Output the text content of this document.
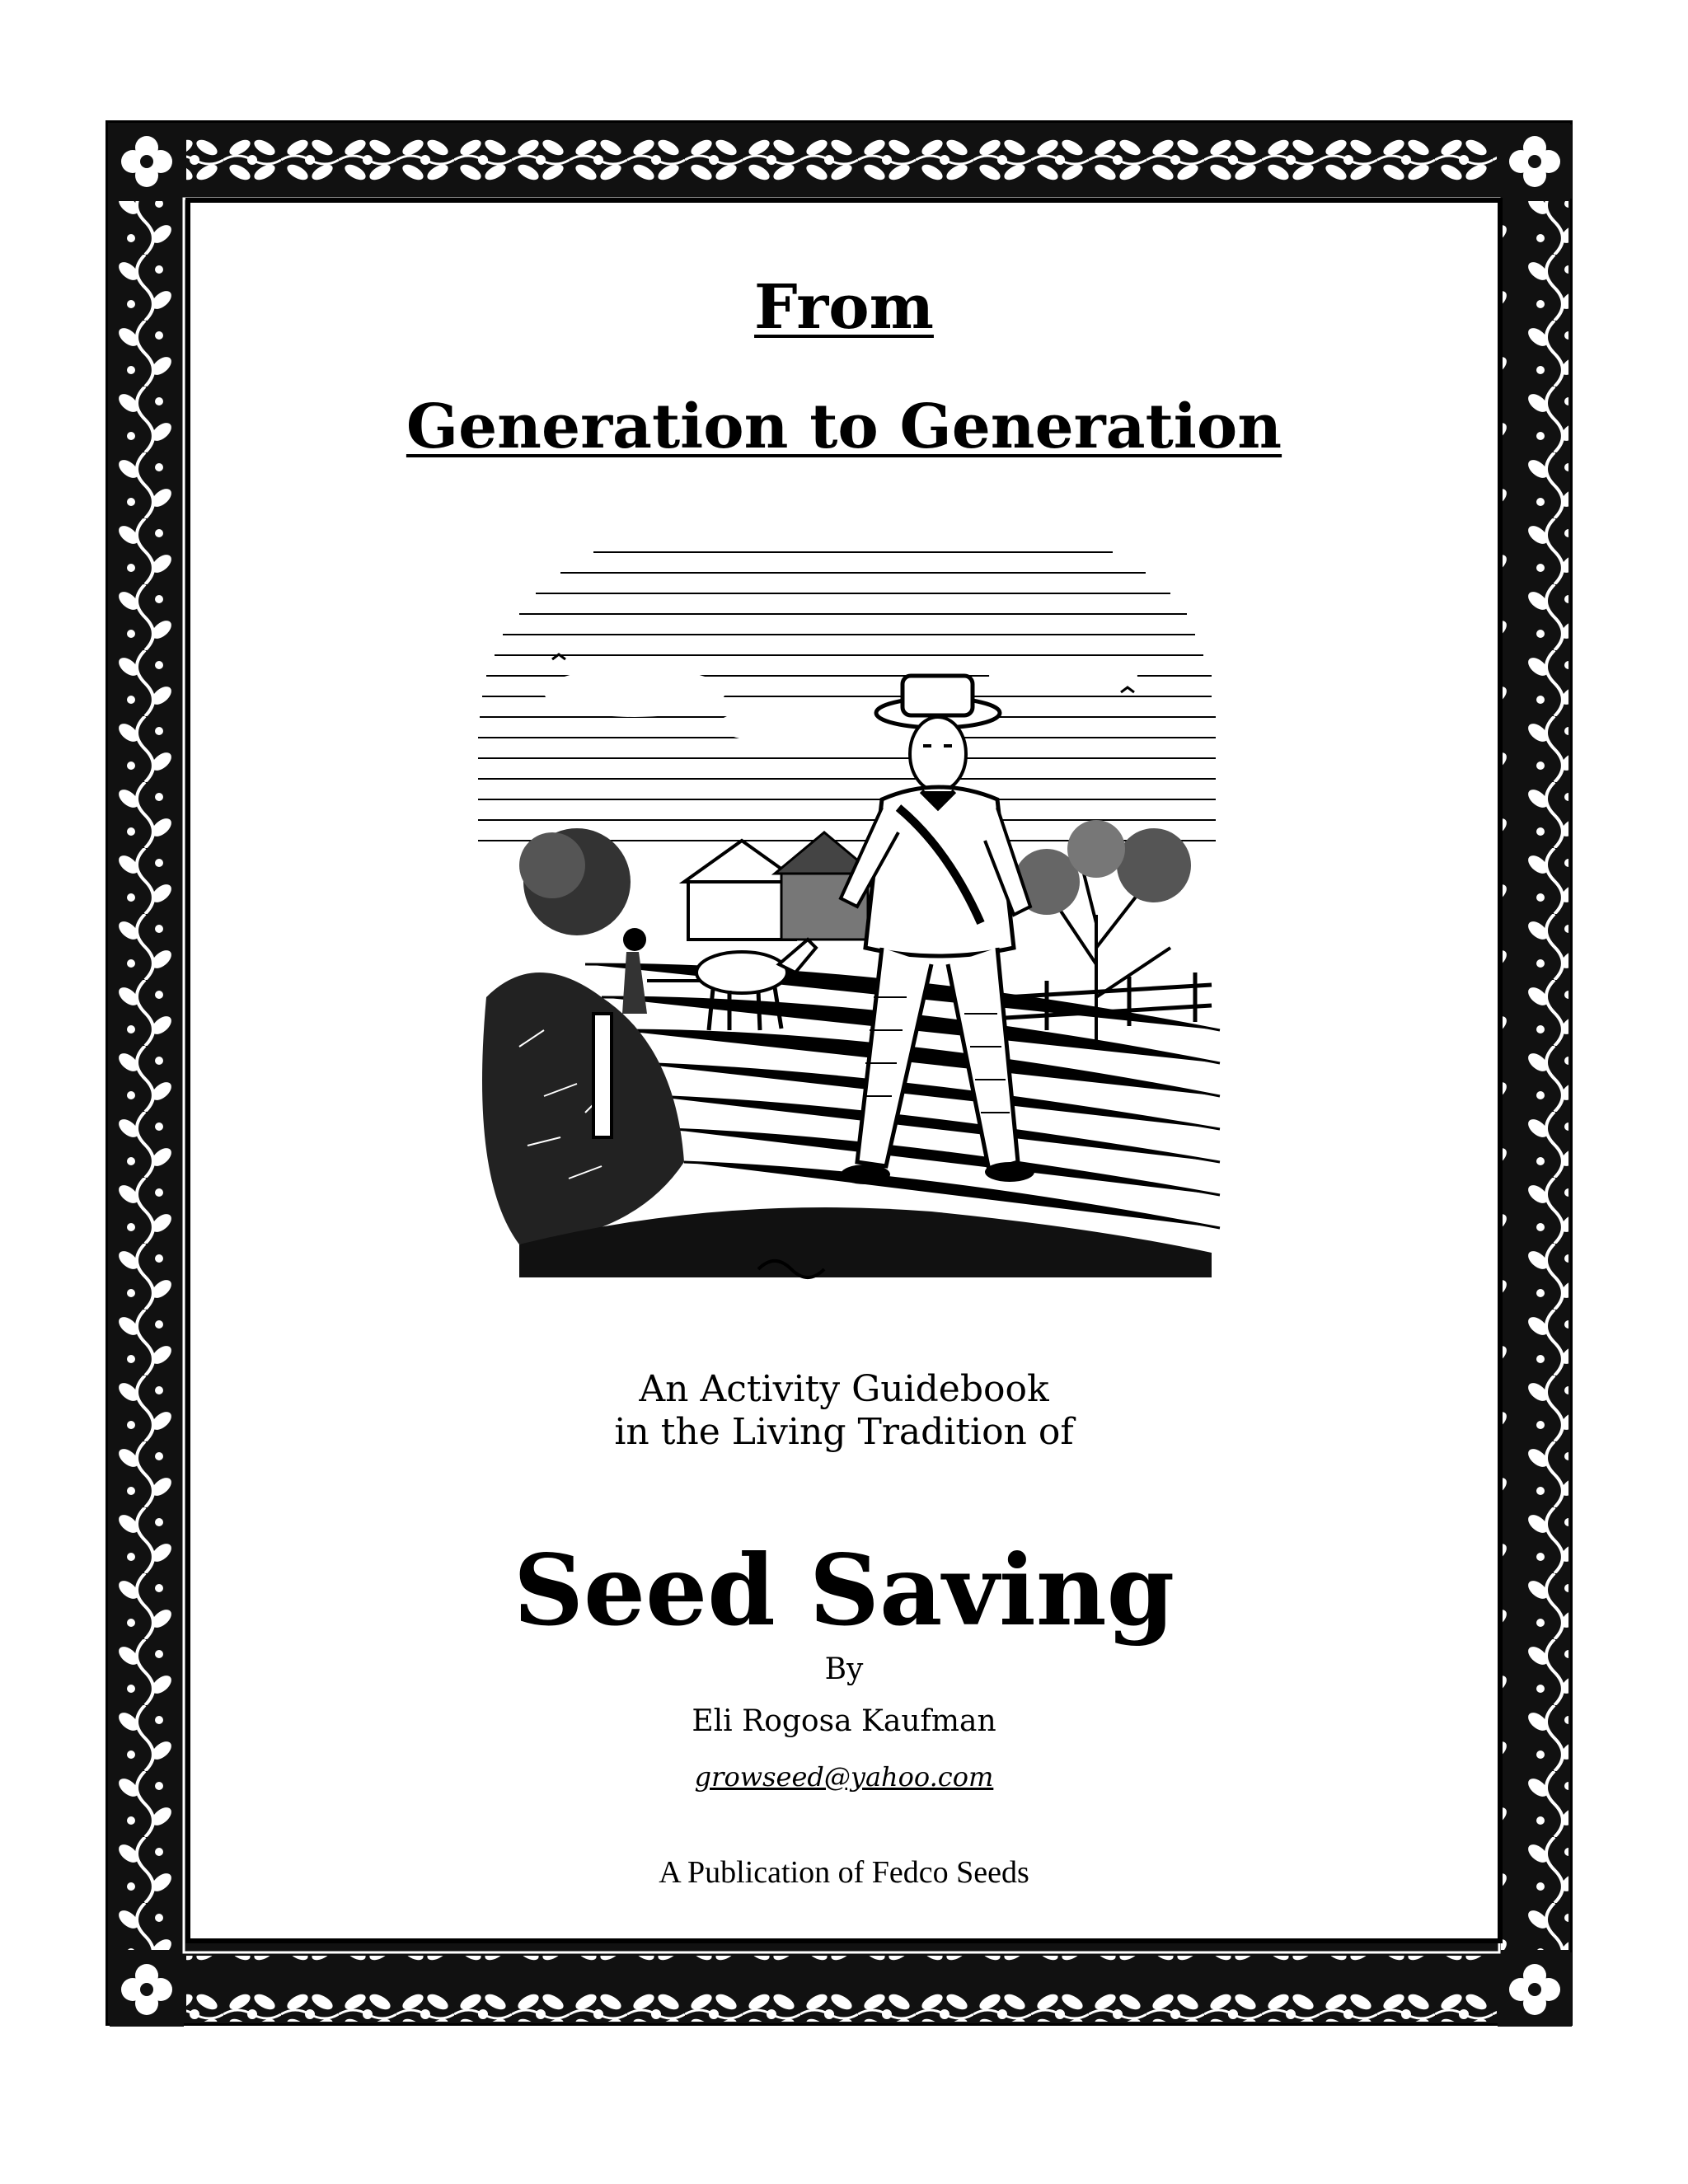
From
Generation to Generation
An Activity Guidebook
in the Living Tradition of
Seed Saving
By
Eli Rogosa Kaufman
growseed@yahoo.com
A Publication of Fedco Seeds
